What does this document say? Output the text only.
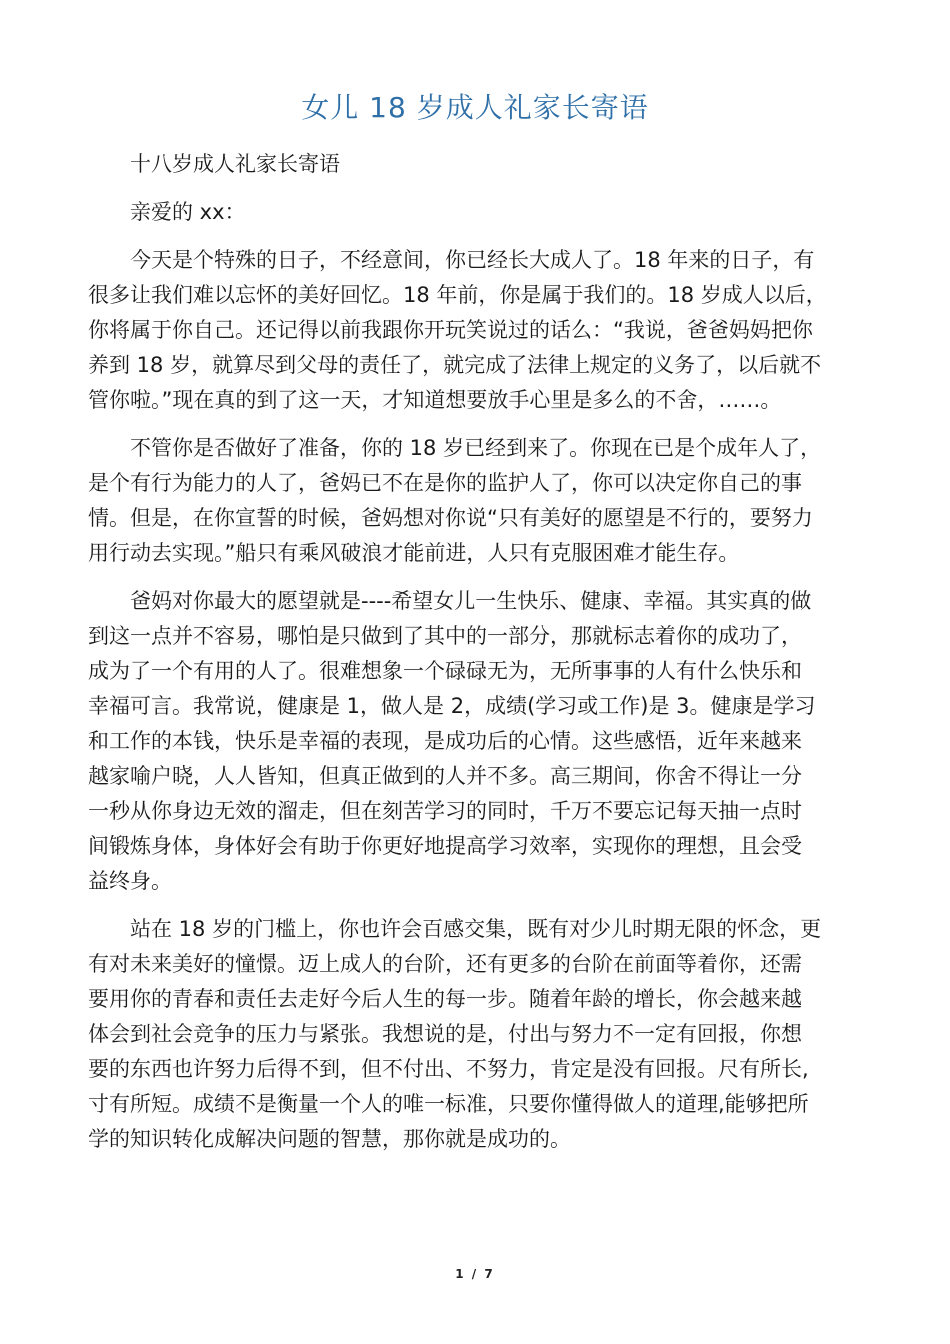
女儿 18 岁成人礼家长寄语

十八岁成人礼家长寄语

亲爱的 xx：

今天是个特殊的日子，不经意间，你已经长大成人了。18 年来的日子，有

很多让我们难以忘怀的美好回忆。18 年前，你是属于我们的。18 岁成人以后，

你将属于你自己。还记得以前我跟你开玩笑说过的话么：“我说，爸爸妈妈把你

养到 18 岁，就算尽到父母的责任了，就完成了法律上规定的义务了，以后就不

管你啦。”现在真的到了这一天，才知道想要放手心里是多么的不舍，……。

不管你是否做好了准备，你的 18 岁已经到来了。你现在已是个成年人了，

是个有行为能力的人了，爸妈已不在是你的监护人了，你可以决定你自己的事

情。但是，在你宣誓的时候，爸妈想对你说“只有美好的愿望是不行的，要努力

用行动去实现。”船只有乘风破浪才能前进，人只有克服困难才能生存。

爸妈对你最大的愿望就是----希望女儿一生快乐、健康、幸福。其实真的做

到这一点并不容易，哪怕是只做到了其中的一部分，那就标志着你的成功了，

成为了一个有用的人了。很难想象一个碌碌无为，无所事事的人有什么快乐和

幸福可言。我常说，健康是 1，做人是 2，成绩(学习或工作)是 3。健康是学习

和工作的本钱，快乐是幸福的表现，是成功后的心情。这些感悟，近年来越来

越家喻户晓，人人皆知，但真正做到的人并不多。高三期间，你舍不得让一分

一秒从你身边无效的溜走，但在刻苦学习的同时，千万不要忘记每天抽一点时

间锻炼身体，身体好会有助于你更好地提高学习效率，实现你的理想，且会受

益终身。

站在 18 岁的门槛上，你也许会百感交集，既有对少儿时期无限的怀念，更

有对未来美好的憧憬。迈上成人的台阶，还有更多的台阶在前面等着你，还需

要用你的青春和责任去走好今后人生的每一步。随着年龄的增长，你会越来越

体会到社会竞争的压力与紧张。我想说的是，付出与努力不一定有回报，你想

要的东西也许努力后得不到，但不付出、不努力，肯定是没有回报。尺有所长,

寸有所短。成绩不是衡量一个人的唯一标准，只要你懂得做人的道理,能够把所

学的知识转化成解决问题的智慧，那你就是成功的。

1 / 7
